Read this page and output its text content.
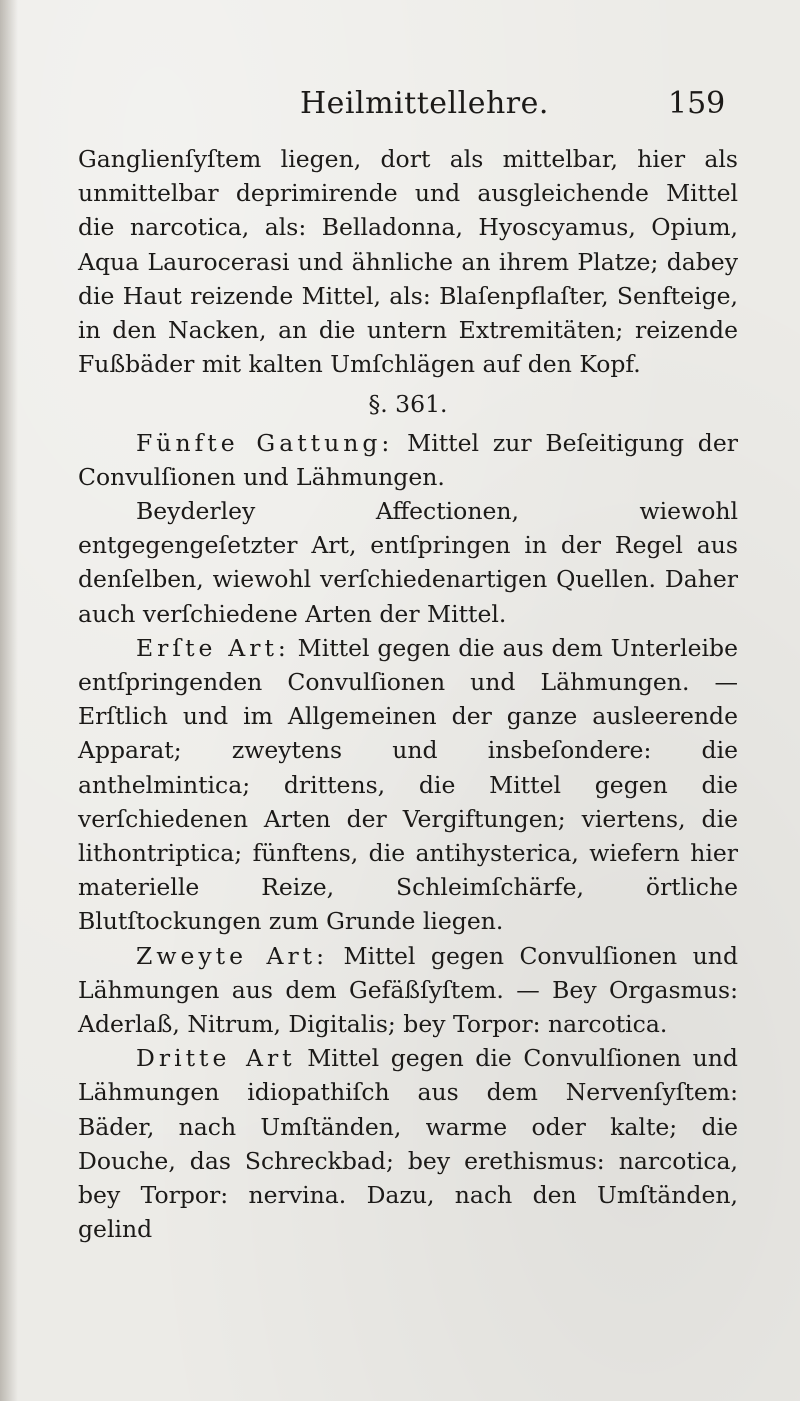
Heilmittellehre.	159

Ganglienſyſtem liegen, dort als mittelbar, hier als unmittelbar deprimirende und ausgleichende Mittel die narcotica, als: Belladonna, Hyoscyamus, Opium, Aqua Laurocerasi und ähnliche an ihrem Platze; dabey die Haut reizende Mittel, als: Blaſenpflaſter, Senfteige, in den Nacken, an die untern Extremitäten; reizende Fußbäder mit kalten Umſchlägen auf den Kopf.

§. 361.

Fünfte Gattung: Mittel zur Beſeitigung der Convulſionen und Lähmungen.

Beyderley Affectionen, wiewohl entgegengeſetzter Art, entſpringen in der Regel aus denſelben, wiewohl verſchiedenartigen Quellen. Daher auch verſchiedene Arten der Mittel.

Erſte Art: Mittel gegen die aus dem Unterleibe entſpringenden Convulſionen und Lähmungen. — Erſtlich und im Allgemeinen der ganze ausleerende Apparat; zweytens und insbeſondere: die anthelmintica; drittens, die Mittel gegen die verſchiedenen Arten der Vergiftungen; viertens, die lithontriptica; fünftens, die antihysterica, wiefern hier materielle Reize, Schleimſchärfe, örtliche Blutſtockungen zum Grunde liegen.

Zweyte Art: Mittel gegen Convulſionen und Lähmungen aus dem Gefäßſyſtem. — Bey Orgasmus: Aderlaß, Nitrum, Digitalis; bey Torpor: narcotica.

Dritte Art Mittel gegen die Convulſionen und Lähmungen idiopathiſch aus dem Nervenſyſtem: Bäder, nach Umſtänden, warme oder kalte; die Douche, das Schreckbad; bey erethismus: narcotica, bey Torpor: nervina. Dazu, nach den Umſtänden, gelind
